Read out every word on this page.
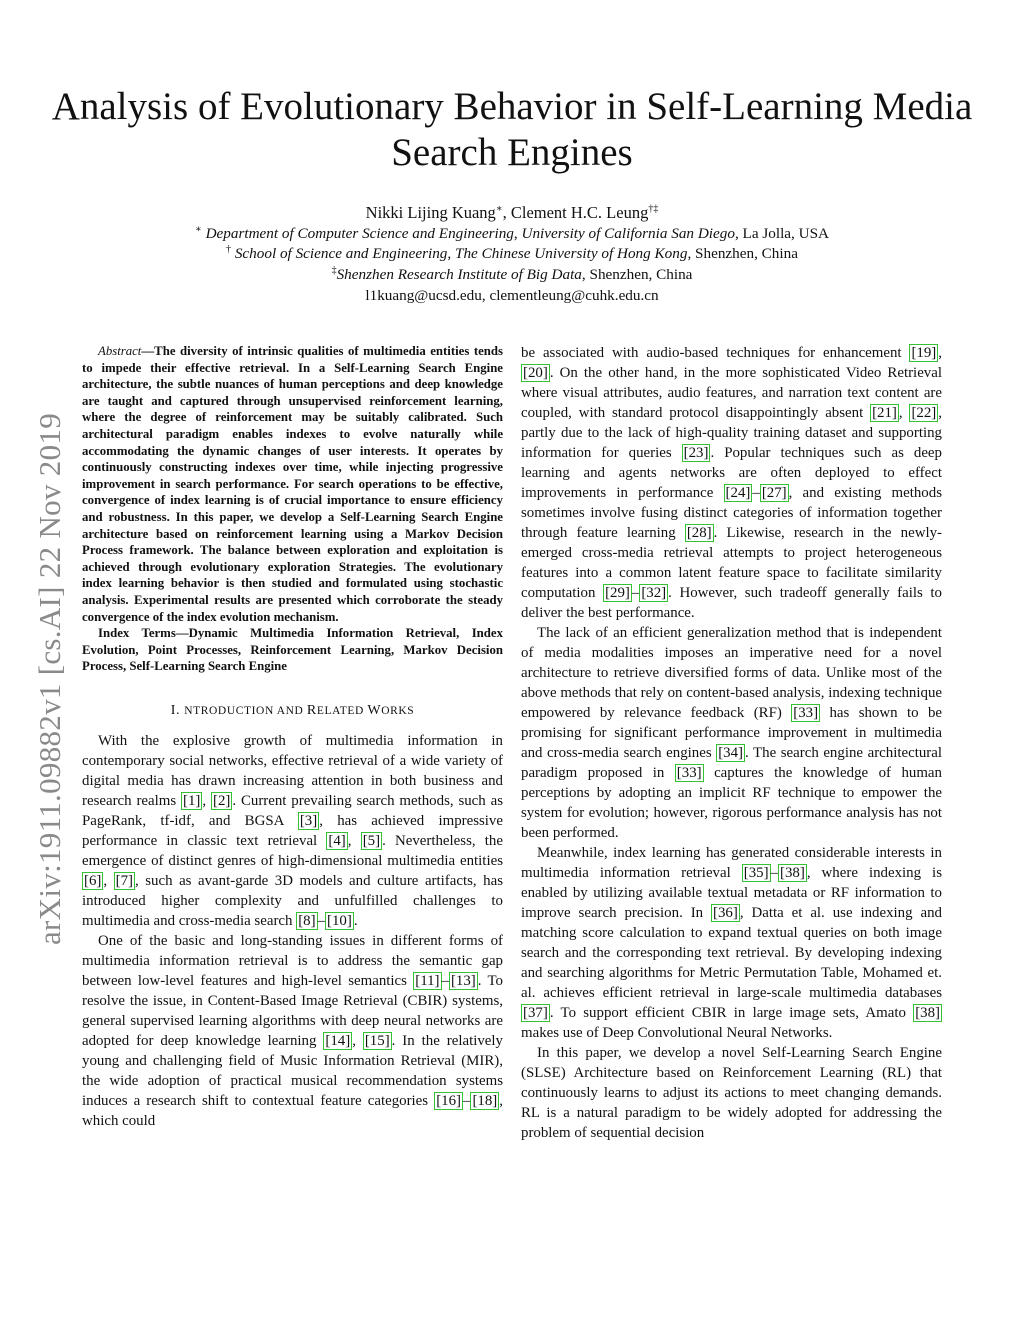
Analysis of Evolutionary Behavior in Self-Learning Media Search Engines
Nikki Lijing Kuang∗, Clement H.C. Leung†‡
∗ Department of Computer Science and Engineering, University of California San Diego, La Jolla, USA
† School of Science and Engineering, The Chinese University of Hong Kong, Shenzhen, China
‡Shenzhen Research Institute of Big Data, Shenzhen, China
l1kuang@ucsd.edu, clementleung@cuhk.edu.cn
arXiv:1911.09882v1 [cs.AI] 22 Nov 2019

Abstract—The diversity of intrinsic qualities of multimedia entities tends to impede their effective retrieval. In a Self-Learning Search Engine architecture, the subtle nuances of human perceptions and deep knowledge are taught and captured through unsupervised reinforcement learning, where the degree of reinforcement may be suitably calibrated. Such architectural paradigm enables indexes to evolve naturally while accommodating the dynamic changes of user interests. It operates by continuously constructing indexes over time, while injecting progressive improvement in search performance. For search operations to be effective, convergence of index learning is of crucial importance to ensure efficiency and robustness. In this paper, we develop a Self-Learning Search Engine architecture based on reinforcement learning using a Markov Decision Process framework. The balance between exploration and exploitation is achieved through evolutionary exploration Strategies. The evolutionary index learning behavior is then studied and formulated using stochastic analysis. Experimental results are presented which corroborate the steady convergence of the index evolution mechanism.

Index Terms—Dynamic Multimedia Information Retrieval, Index Evolution, Point Processes, Reinforcement Learning, Markov Decision Process, Self-Learning Search Engine

I. NTRODUCTION AND RELATED WORKS

With the explosive growth of multimedia information in contemporary social networks, effective retrieval of a wide variety of digital media has drawn increasing attention in both business and research realms [1] , [2] . Current prevailing search methods, such as PageRank, tf-idf, and BGSA [3] , has achieved impressive performance in classic text retrieval [4] , [5] . Nevertheless, the emergence of distinct genres of high-dimensional multimedia entities [6] , [7] , such as avant-garde 3D models and culture artifacts, has introduced higher complexity and unfulfilled challenges to multimedia and cross-media search [8] – [10] .

One of the basic and long-standing issues in different forms of multimedia information retrieval is to address the semantic gap between low-level features and high-level semantics [11] – [13] . To resolve the issue, in Content-Based Image Retrieval (CBIR) systems, general supervised learning algorithms with deep neural networks are adopted for deep knowledge learning [14] , [15] . In the relatively young and challenging field of Music Information Retrieval (MIR), the wide adoption of practical musical recommendation systems induces a research shift to contextual feature categories [16] – [18] , which could

be associated with audio-based techniques for enhancement [19] , [20] . On the other hand, in the more sophisticated Video Retrieval where visual attributes, audio features, and narration text content are coupled, with standard protocol disappointingly absent [21] , [22] , partly due to the lack of high-quality training dataset and supporting information for queries [23] . Popular techniques such as deep learning and agents networks are often deployed to effect improvements in performance [24] – [27] , and existing methods sometimes involve fusing distinct categories of information together through feature learning [28] . Likewise, research in the newly-emerged cross-media retrieval attempts to project heterogeneous features into a common latent feature space to facilitate similarity computation [29] – [32] . However, such tradeoff generally fails to deliver the best performance.

The lack of an efficient generalization method that is independent of media modalities imposes an imperative need for a novel architecture to retrieve diversified forms of data. Unlike most of the above methods that rely on content-based analysis, indexing technique empowered by relevance feedback (RF) [33] has shown to be promising for significant performance improvement in multimedia and cross-media search engines [34] . The search engine architectural paradigm proposed in [33] captures the knowledge of human perceptions by adopting an implicit RF technique to empower the system for evolution; however, rigorous performance analysis has not been performed.

Meanwhile, index learning has generated considerable interests in multimedia information retrieval [35] – [38] , where indexing is enabled by utilizing available textual metadata or RF information to improve search precision. In [36] , Datta et al. use indexing and matching score calculation to expand textual queries on both image search and the corresponding text retrieval. By developing indexing and searching algorithms for Metric Permutation Table, Mohamed et. al. achieves efficient retrieval in large-scale multimedia databases [37] . To support efficient CBIR in large image sets, Amato [38] makes use of Deep Convolutional Neural Networks.

In this paper, we develop a novel Self-Learning Search Engine (SLSE) Architecture based on Reinforcement Learning (RL) that continuously learns to adjust its actions to meet changing demands. RL is a natural paradigm to be widely adopted for addressing the problem of sequential decision
